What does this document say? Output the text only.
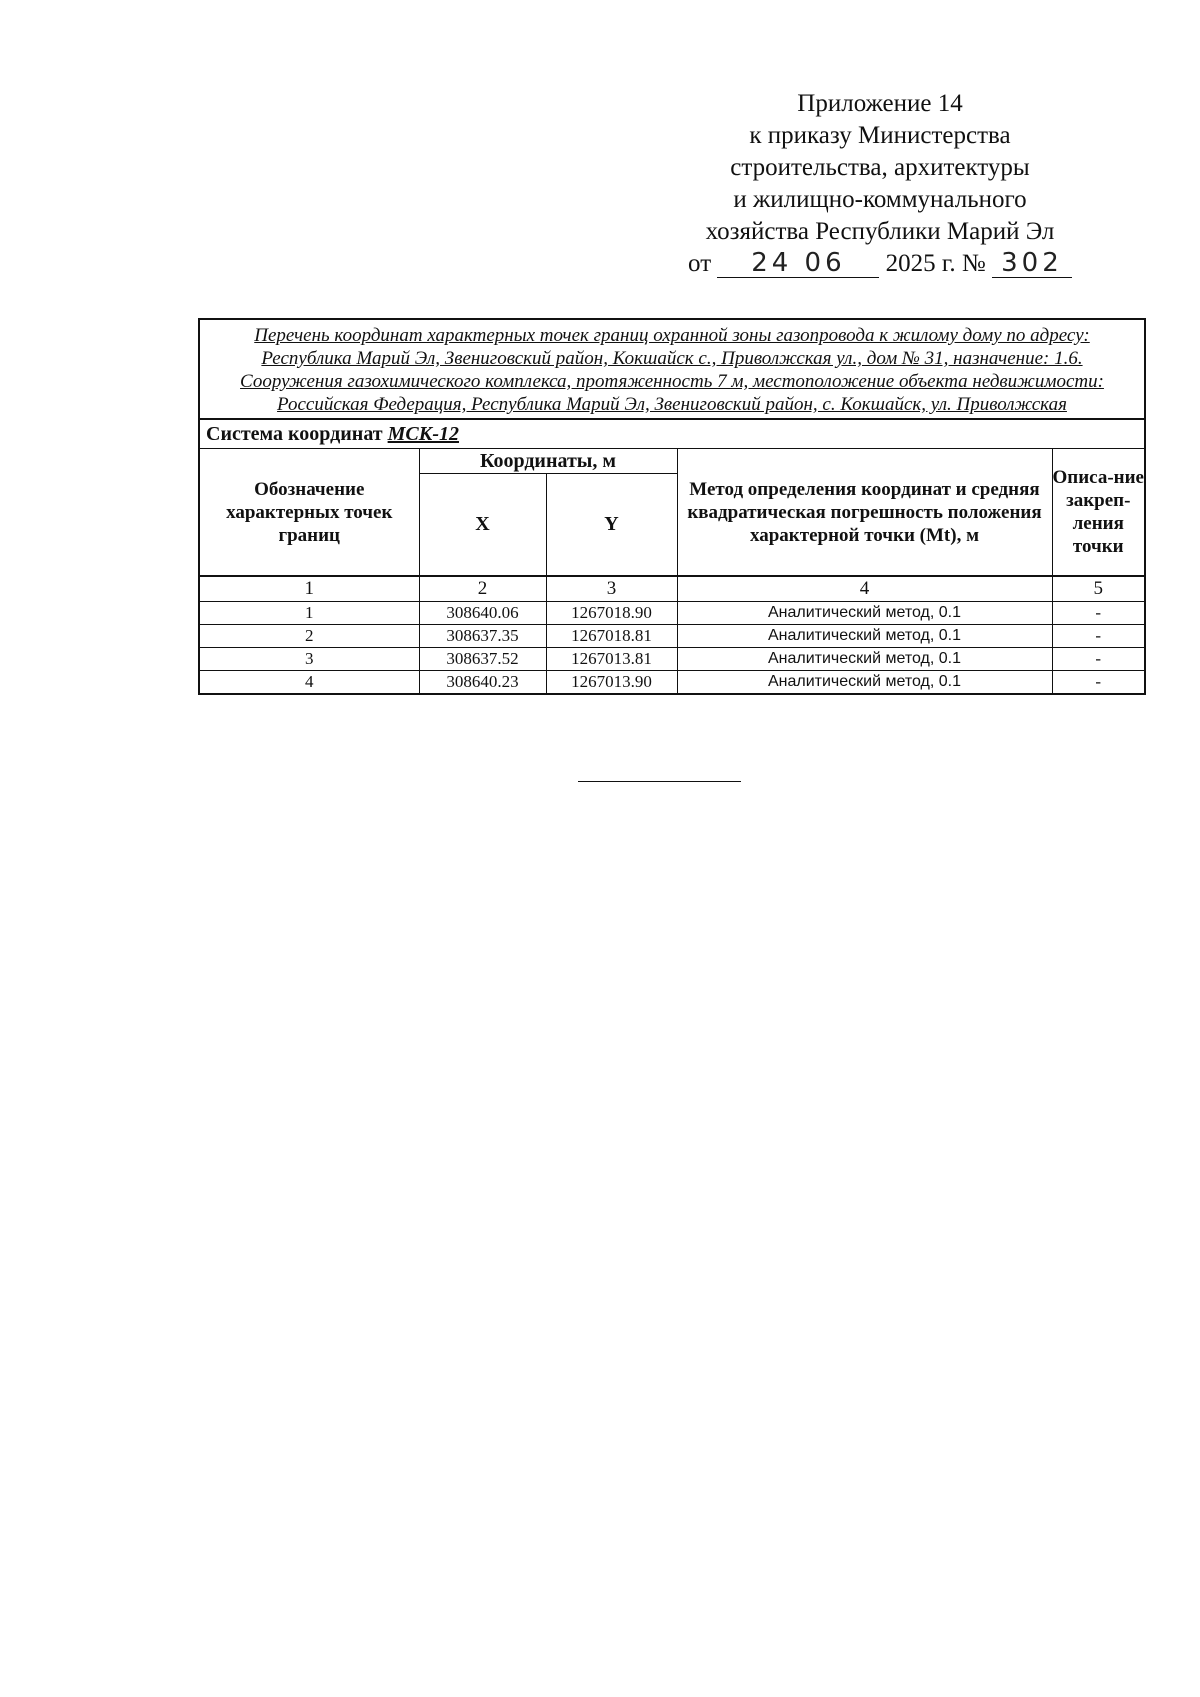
Приложение 14
к приказу Министерства
строительства, архитектуры
и жилищно-коммунального
хозяйства Республики Марий Эл
от 24 06 2025 г. № 302
Перечень координат характерных точек границ охранной зоны газопровода к жилому дому по адресу: Республика Марий Эл, Звениговский район, Кокшайск с., Приволжская ул., дом № 31, назначение: 1.6. Сооружения газохимического комплекса, протяженность 7 м, местоположение объекта недвижимости: Российская Федерация, Республика Марий Эл, Звениговский район, с. Кокшайск, ул. Приволжская				
Система координат МСК-12				
Обозначение характерных точек границ	Координаты, м		Метод определения координат и средняя квадратическая погрешность положения характерной точки (Mt), м	Описа-ние закреп-ления точки
	X	Y		
1	2	3	4	5
1	308640.06	1267018.90	Аналитический метод, 0.1	-
2	308637.35	1267018.81	Аналитический метод, 0.1	-
3	308637.52	1267013.81	Аналитический метод, 0.1	-
4	308640.23	1267013.90	Аналитический метод, 0.1	-
